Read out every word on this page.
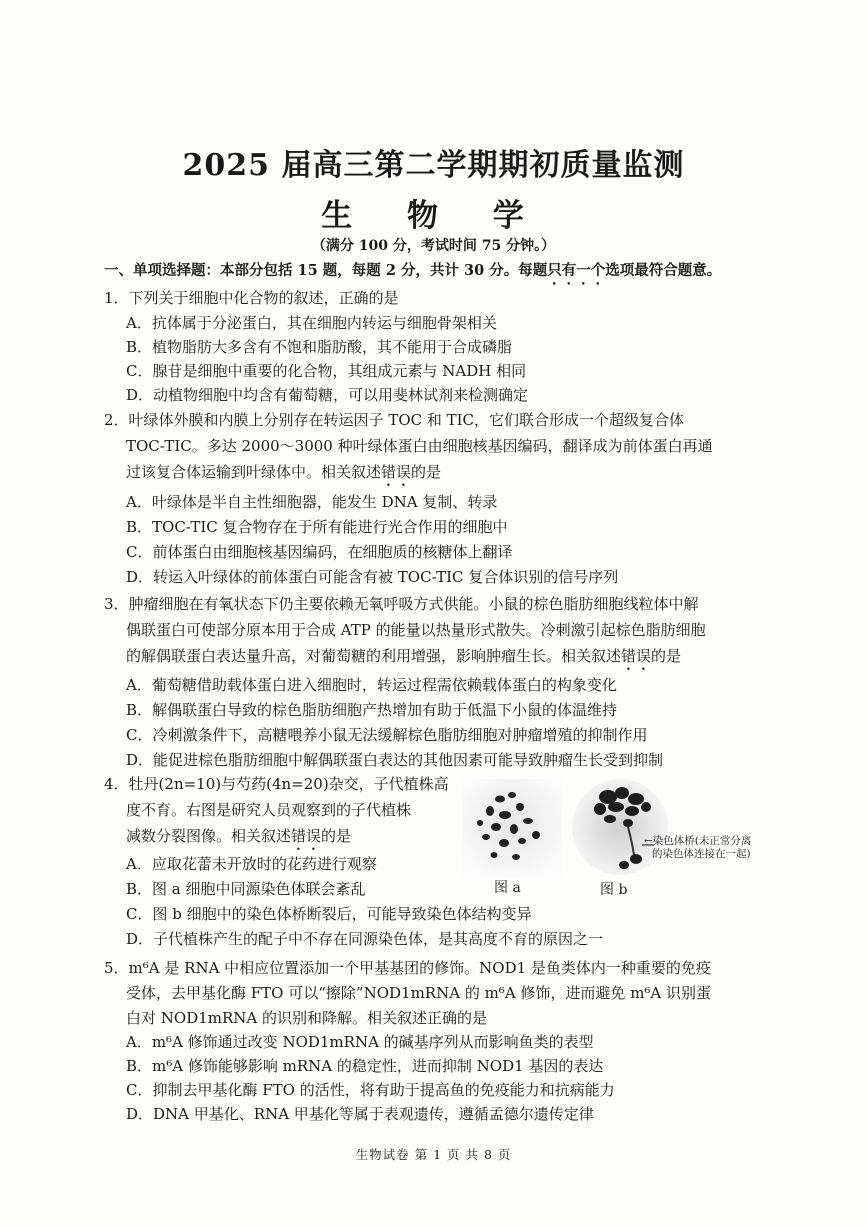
2025 届高三第二学期期初质量监测
生 物 学
（满分 100 分，考试时间 75 分钟。）
一、单项选择题：本部分包括 15 题，每题 2 分，共计 30 分。每题只有一个选项最符合题意。
1．下列关于细胞中化合物的叙述，正确的是
A．抗体属于分泌蛋白，其在细胞内转运与细胞骨架相关
B．植物脂肪大多含有不饱和脂肪酸，其不能用于合成磷脂
C．腺苷是细胞中重要的化合物，其组成元素与 NADH 相同
D．动植物细胞中均含有葡萄糖，可以用斐林试剂来检测确定
2．叶绿体外膜和内膜上分别存在转运因子 TOC 和 TIC，它们联合形成一个超级复合体
TOC-TIC。多达 2000～3000 种叶绿体蛋白由细胞核基因编码，翻译成为前体蛋白再通
过该复合体运输到叶绿体中。相关叙述错误的是
A．叶绿体是半自主性细胞器，能发生 DNA 复制、转录
B．TOC-TIC 复合物存在于所有能进行光合作用的细胞中
C．前体蛋白由细胞核基因编码，在细胞质的核糖体上翻译
D．转运入叶绿体的前体蛋白可能含有被 TOC-TIC 复合体识别的信号序列
3．肿瘤细胞在有氧状态下仍主要依赖无氧呼吸方式供能。小鼠的棕色脂肪细胞线粒体中解
偶联蛋白可使部分原本用于合成 ATP 的能量以热量形式散失。冷刺激引起棕色脂肪细胞
的解偶联蛋白表达量升高，对葡萄糖的利用增强，影响肿瘤生长。相关叙述错误的是
A．葡萄糖借助载体蛋白进入细胞时，转运过程需依赖载体蛋白的构象变化
B．解偶联蛋白导致的棕色脂肪细胞产热增加有助于低温下小鼠的体温维持
C．冷刺激条件下，高糖喂养小鼠无法缓解棕色脂肪细胞对肿瘤增殖的抑制作用
D．能促进棕色脂肪细胞中解偶联蛋白表达的其他因素可能导致肿瘤生长受到抑制
4．牡丹(2n=10)与芍药(4n=20)杂交，子代植株高
度不育。右图是研究人员观察到的子代植株
减数分裂图像。相关叙述错误的是
A．应取花蕾未开放时的花药进行观察
B．图 a 细胞中同源染色体联会紊乱
C．图 b 细胞中的染色体桥断裂后，可能导致染色体结构变异
D．子代植株产生的配子中不存在同源染色体，是其高度不育的原因之一
图 a	图 b
←染色体桥(未正常分离
的染色体连接在一起)
5．m⁶A 是 RNA 中相应位置添加一个甲基基团的修饰。NOD1 是鱼类体内一种重要的免疫
受体，去甲基化酶 FTO 可以“擦除”NOD1mRNA 的 m⁶A 修饰，进而避免 m⁶A 识别蛋
白对 NOD1mRNA 的识别和降解。相关叙述正确的是
A．m⁶A 修饰通过改变 NOD1mRNA 的碱基序列从而影响鱼类的表型
B．m⁶A 修饰能够影响 mRNA 的稳定性，进而抑制 NOD1 基因的表达
C．抑制去甲基化酶 FTO 的活性，将有助于提高鱼的免疫能力和抗病能力
D．DNA 甲基化、RNA 甲基化等属于表观遗传，遵循孟德尔遗传定律
生物试卷 第 1 页 共 8 页
